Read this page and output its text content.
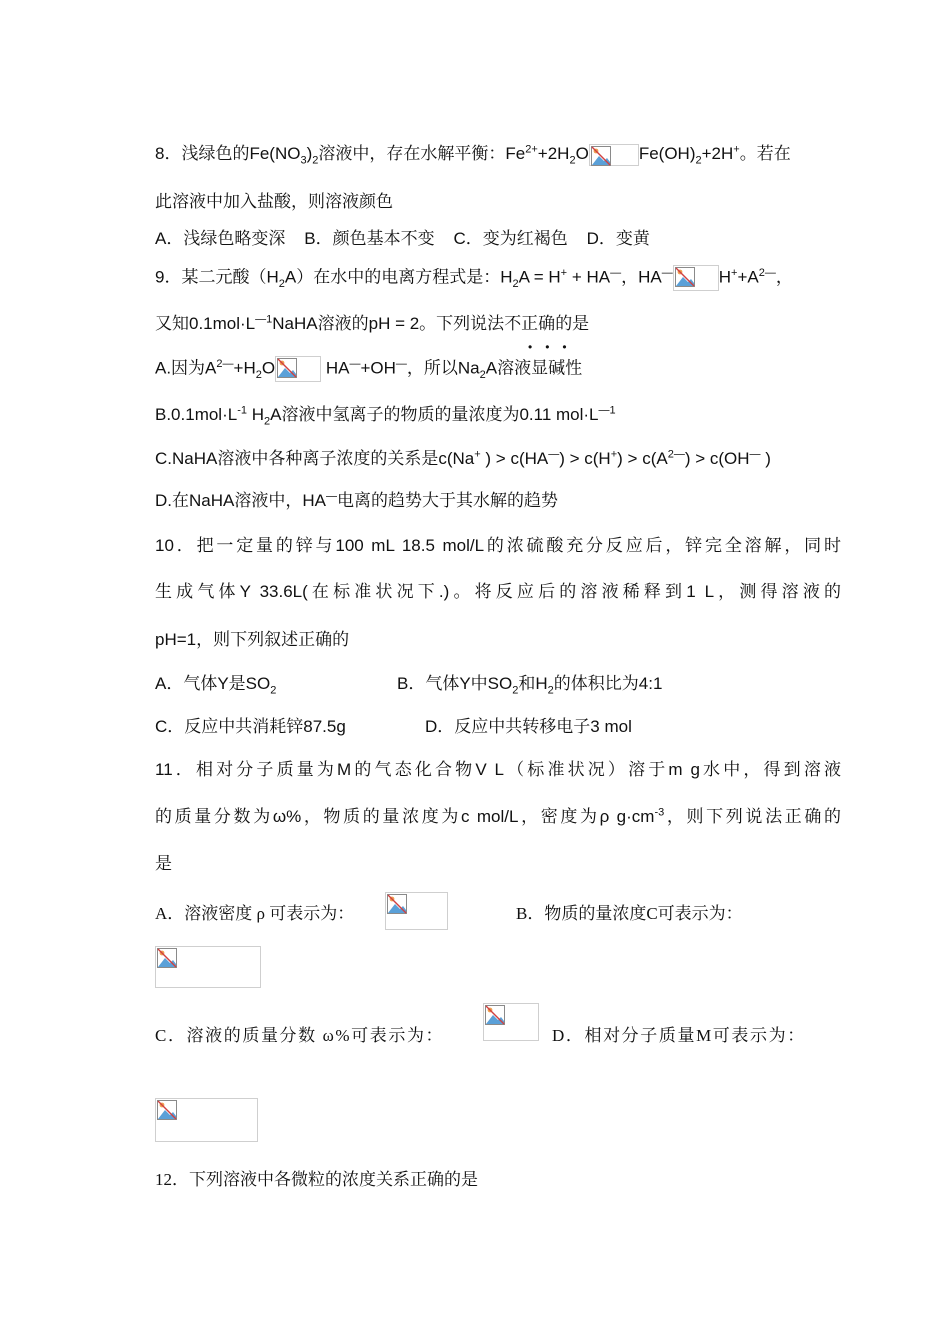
8．浅绿色的$Fe(NO_3)_2$溶液中，存在水解平衡：$Fe^{2+}+2H_2O$	$Fe(OH)_2+2H^+$。若在
此溶液中加入盐酸，则溶液颜色
A．浅绿色略变深    B．颜色基本不变    C．变为红褐色    D．变黄
9．某二元酸$(H_2A)$在水中的电离方程式是：$H_2A = H^+ + HA^—$，HA—	$H^++A^{2—}$，
又知$0.1mol\cdot L^{—1}NaHA$溶液的pH = 2。下列说法不正确的是
•••
A.因为$A^{2—}+H_2O$	HA—+OH—，所以$Na_2A$溶液显碱性
$B.0.1mol\cdot L^{-1}$ $H_2A$溶液中氢离子的物质的量浓度为0.11 $mol\cdot L^{—1}$
C.NaHA溶液中各种离子浓度的关系是c(Na+ ) > $c(HA^—) > c(H^+) > c(A^{2—}) > c(OH^—$ )
D.在NaHA溶液中，HA—电离的趋势大于其水解的趋势
10．把一定量的锌与100 mL 18.5 mol/L的浓硫酸充分反应后，锌完全溶解，同时
生成气体Y 33.6L(在标准状况下.)。将反应后的溶液稀释到1 L，测得溶液的
pH=1，则下列叙述正确的
A．气体Y是$SO_2$	B．气体Y中$SO_2$和$H_2$的体积比为4:1
C．反应中共消耗锌87.5g	D．反应中共转移电子3 mol
11．相对分子质量为M的气态化合物V L（标准状况）溶于m g水中，得到溶液
的质量分数为ω%，物质的量浓度为c mol/L，密度为ρ $g\cdot cm^{-3}$，则下列说法正确的
是
A．溶液密度 ρ 可表示为：	B．物质的量浓度C可表示为：
C．溶液的质量分数 ω%可表示为：	D．相对分子质量M可表示为：
12．下列溶液中各微粒的浓度关系正确的是
